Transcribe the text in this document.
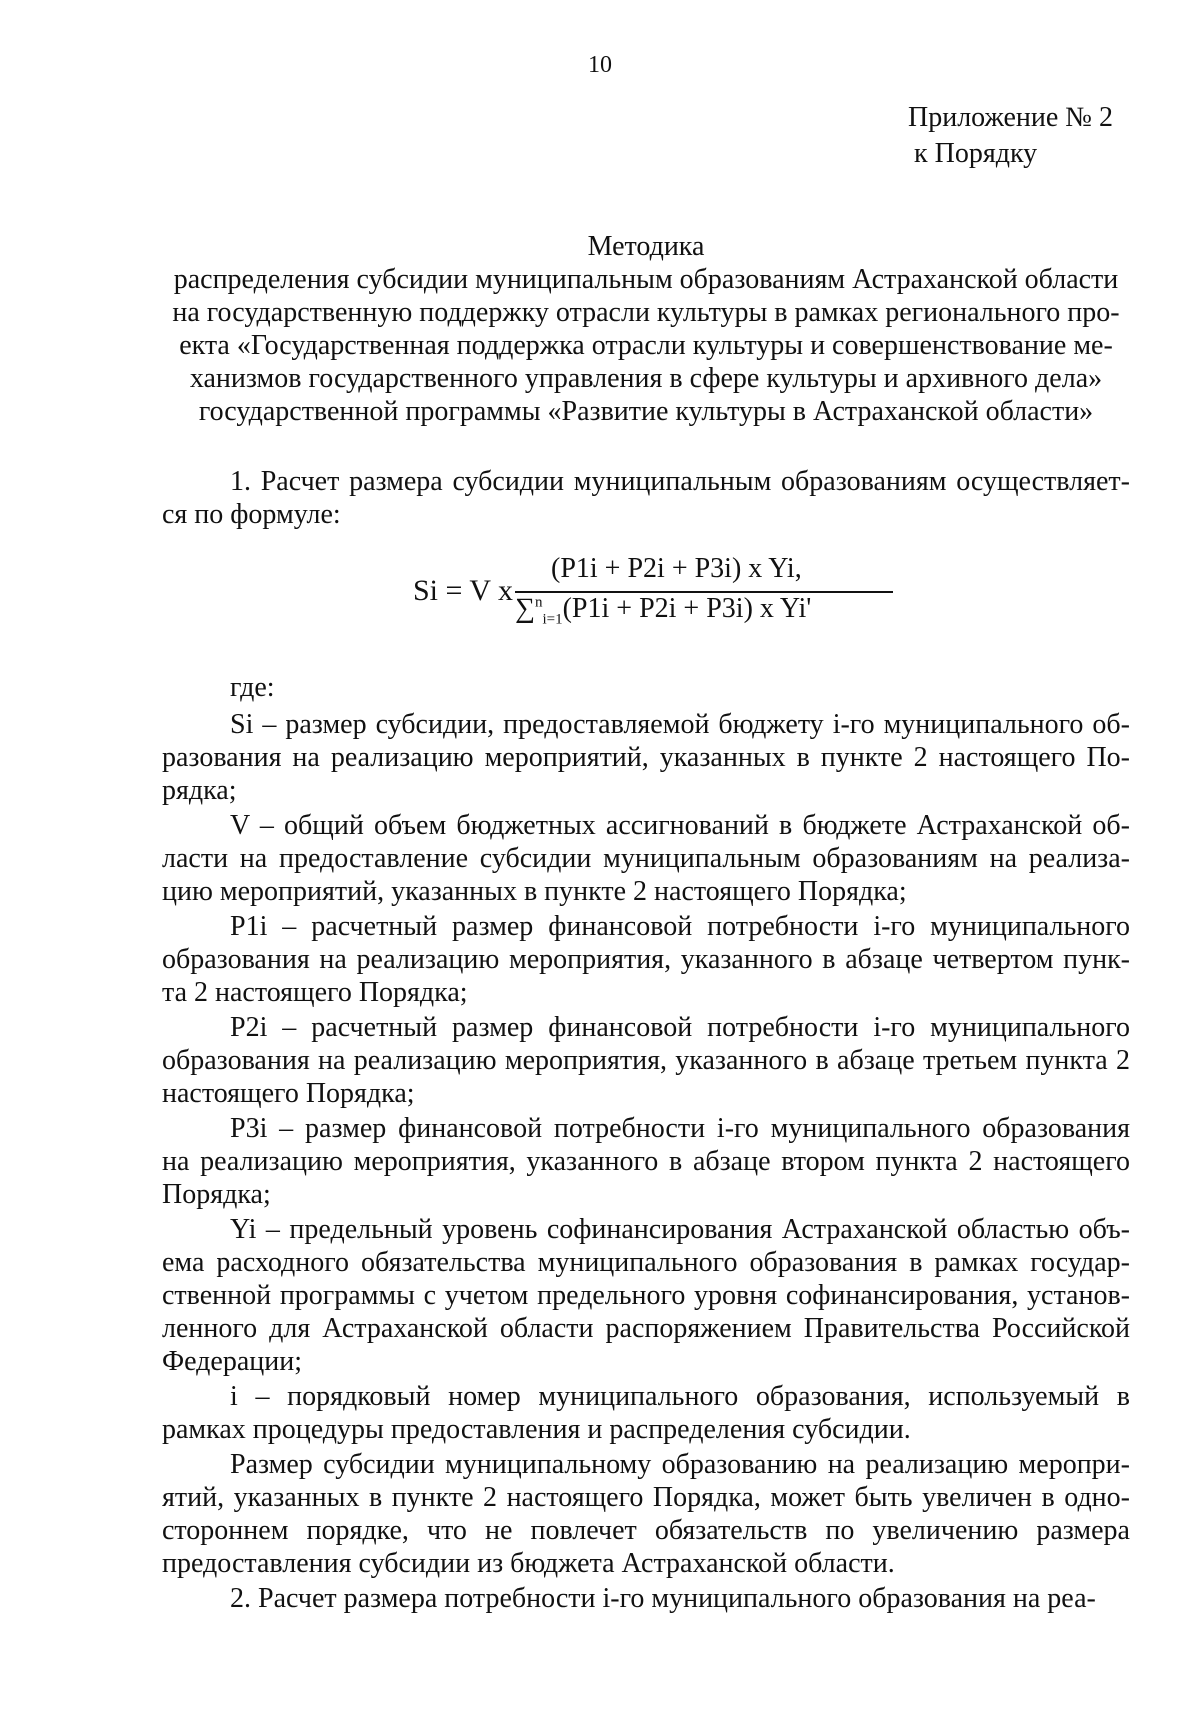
10
Приложение № 2
к Порядку
Методика
распределения субсидии муниципальным образованиям Астраханской области
на государственную поддержку отрасли культуры в рамках регионального про-
екта «Государственная поддержка отрасли культуры и совершенствование ме-
ханизмов государственного управления в сфере культуры и архивного дела»
государственной программы «Развитие культуры в Астраханской области»

1. Расчет размера субсидии муниципальным образованиям осуществляет-ся по формуле:

Si = V x
(P1i + P2i + P3i) x Yi,
∑$^n_{i=1}$(P1i + P2i + P3i) x Yi'
где:

Si – размер субсидии, предоставляемой бюджету i-го муниципального об-разования на реализацию мероприятий, указанных в пункте 2 настоящего По-рядка;

V – общий объем бюджетных ассигнований в бюджете Астраханской об-ласти на предоставление субсидии муниципальным образованиям на реализа-цию мероприятий, указанных в пункте 2 настоящего Порядка;

P1i – расчетный размер финансовой потребности i-го муниципального образования на реализацию мероприятия, указанного в абзаце четвертом пунк-та 2 настоящего Порядка;

P2i – расчетный размер финансовой потребности i-го муниципального образования на реализацию мероприятия, указанного в абзаце третьем пункта 2 настоящего Порядка;

P3i – размер финансовой потребности i-го муниципального образования на реализацию мероприятия, указанного в абзаце втором пункта 2 настоящего Порядка;

Yi – предельный уровень софинансирования Астраханской областью объ-ема расходного обязательства муниципального образования в рамках государ-ственной программы с учетом предельного уровня софинансирования, установ-ленного для Астраханской области распоряжением Правительства Российской Федерации;

i – порядковый номер муниципального образования, используемый в рамках процедуры предоставления и распределения субсидии.

Размер субсидии муниципальному образованию на реализацию меропри-ятий, указанных в пункте 2 настоящего Порядка, может быть увеличен в одно-стороннем порядке, что не повлечет обязательств по увеличению размера предоставления субсидии из бюджета Астраханской области.

2. Расчет размера потребности i-го муниципального образования на реа-
